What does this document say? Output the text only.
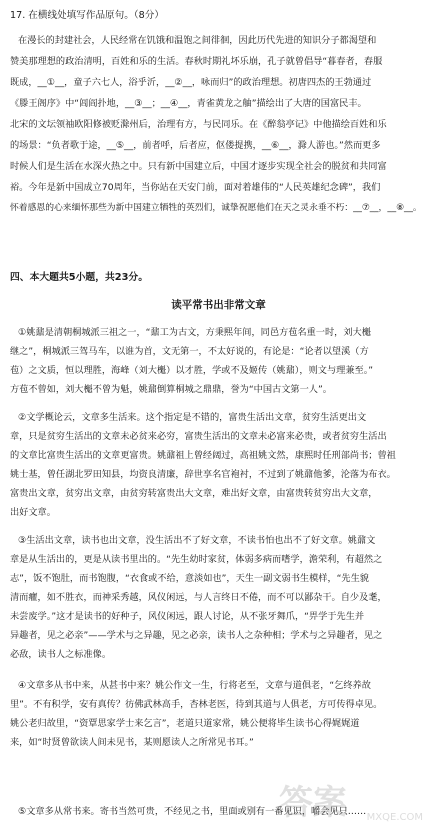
17. 在横线处填写作品原句。（8分）
在漫长的封建社会，人民经常在饥饿和温饱之间徘徊，因此历代先进的知识分子都渴望和
赞美那理想的政治清明，百姓和乐的生活。春秋时期礼坏乐崩，孔子就曾倡导“暮春者，春服
既成，__①__，童子六七人，浴乎沂，__②__，咏而归”的政治理想。初唐四杰的王勃通过
《滕王阁序》中“闾阎扑地，__③__；__④__，青雀黄龙之舳”描绘出了大唐的国富民丰。
北宋的文坛领袖欧阳修被贬滁州后，治理有方，与民同乐。在《醉翁亭记》中他描绘百姓和乐
的场景：“负者歌于途，__⑤__，前者呼，后者应，伛偻提携，__⑥__，滁人游也。”然而更多
时候人们是生活在水深火热之中。只有新中国建立后，中国才逐步实现全社会的脱贫和共同富
裕。今年是新中国成立70周年，当你站在天安门前，面对着雄伟的“人民英雄纪念碑”，我们
怀着感恩的心来缅怀那些为新中国建立牺牲的英烈们，诚挚祝愿他们在天之灵永垂不朽：__⑦__，__⑧__。
四、本大题共5小题，共23分。
读平常书出非常文章
①姚鼐是清朝桐城派三祖之一，“鼐工为古文，方秉熙年间，同邑方苞名重一时，刘大櫆
继之”，桐城派三驾马车，以谁为首，文无第一，不太好说的，有论是：“论者以望溪（方
苞）之文质，恒以理胜，海峰（刘大櫆）以才胜，学或不及姬传（姚鼐），则文与理兼至。”
方苞不曾如，刘大櫆不曾为魁，姚鼐倒算桐城之鼎鼎，誉为“中国古文第一人”。
②文学概论云，文章多生活来。这个指定是不错的，富贵生活出文章，贫穷生活更出文
章，只是贫穷生活出的文章未必贫来必穷，富贵生活出的文章未必富来必贵，或者贫穷生活出
的文章比富贵生活出的文章更富贵。姚鼐祖上曾经阔过，高祖姚文然，康熙时任刑部尚书；曾祖
姚士基，曾任湖北罗田知县，均资良清廉，辞世享名官袍衬，不过到了姚鼐他爹，沦落为布衣。
富贵出文章，贫穷出文章，由贫穷转富贵出大文章，难出好文章，由富贵转贫穷出大文章，
出好文章。
③生活出文章，读书也出文章，没生活出不了好文章，不读书怕也出不了好文章。姚鼐文
章是从生活出的，更是从读书里出的。“先生幼时家贫，体弱多病而嗜学，澹荣利，有超然之
志”，饭不饱肚，而书饱腹，“衣食或不给，意淡如也”，天生一副文弱书生模样，“先生貌
清而癯，如不胜衣，而神采秀越，风仪闲远，与人言终日不倦，而不可以鄙杂干。自少及耄，
未尝废学。”这才是读书的好种子，风仪闲远，跟人讨论，从不张牙舞爪，“畀学于先生并
异趣者，见之必亲”——学术与之异趣，见之必亲，读书人之杂种相；学术与之异趣者，见之
必敌，读书人之标准像。
④文章多从书中来，从甚书中来？姚公作文一生，行将老至，文章与道俱老，“乞终养故
里”。不有积学，安有真传？彷佛武林高手，杏林老医，待到其道与人俱老，方可传得卓见。
姚公老归故里，“资覃思家学士来乞言”，老道只道家常，姚公便将毕生读书心得娓娓道
来，如“时贤曾欲读人间未见书，某则愿读人之所常见书耳。”
⑤文章多从常书来。寄书当然可贵，不经见之书，里面或别有一番见识，嚼会见只……
答案 MXQE.COM
